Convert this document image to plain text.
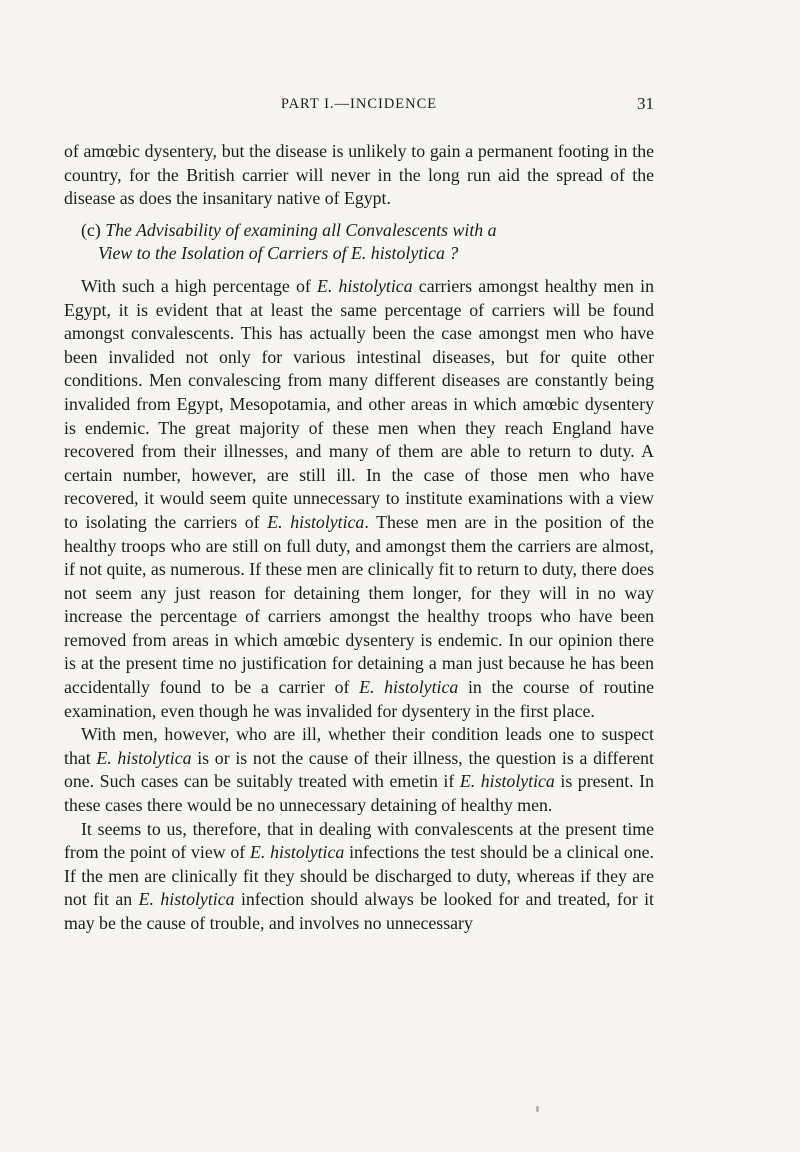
PART I.—INCIDENCE	31

of amœbic dysentery, but the disease is unlikely to gain a permanent footing in the country, for the British carrier will never in the long run aid the spread of the disease as does the insanitary native of Egypt.

(c) The Advisability of examining all Convalescents with a
View to the Isolation of Carriers of E. histolytica ?

With such a high percentage of E. histolytica carriers amongst healthy men in Egypt, it is evident that at least the same percentage of carriers will be found amongst convalescents. This has actually been the case amongst men who have been invalided not only for various intestinal diseases, but for quite other conditions. Men convalescing from many different diseases are constantly being invalided from Egypt, Mesopotamia, and other areas in which amœbic dysentery is endemic. The great majority of these men when they reach England have recovered from their illnesses, and many of them are able to return to duty. A certain number, however, are still ill. In the case of those men who have recovered, it would seem quite unnecessary to institute examinations with a view to isolating the carriers of E. histolytica. These men are in the position of the healthy troops who are still on full duty, and amongst them the carriers are almost, if not quite, as numerous. If these men are clinically fit to return to duty, there does not seem any just reason for detaining them longer, for they will in no way increase the percentage of carriers amongst the healthy troops who have been removed from areas in which amœbic dysentery is endemic. In our opinion there is at the present time no justification for detaining a man just because he has been accidentally found to be a carrier of E. histolytica in the course of routine examination, even though he was invalided for dysentery in the first place.

With men, however, who are ill, whether their condition leads one to suspect that E. histolytica is or is not the cause of their illness, the question is a different one. Such cases can be suitably treated with emetin if E. histolytica is present. In these cases there would be no unnecessary detaining of healthy men.

It seems to us, therefore, that in dealing with convalescents at the present time from the point of view of E. histolytica infections the test should be a clinical one. If the men are clinically fit they should be discharged to duty, whereas if they are not fit an E. histolytica infection should always be looked for and treated, for it may be the cause of trouble, and involves no unnecessary
